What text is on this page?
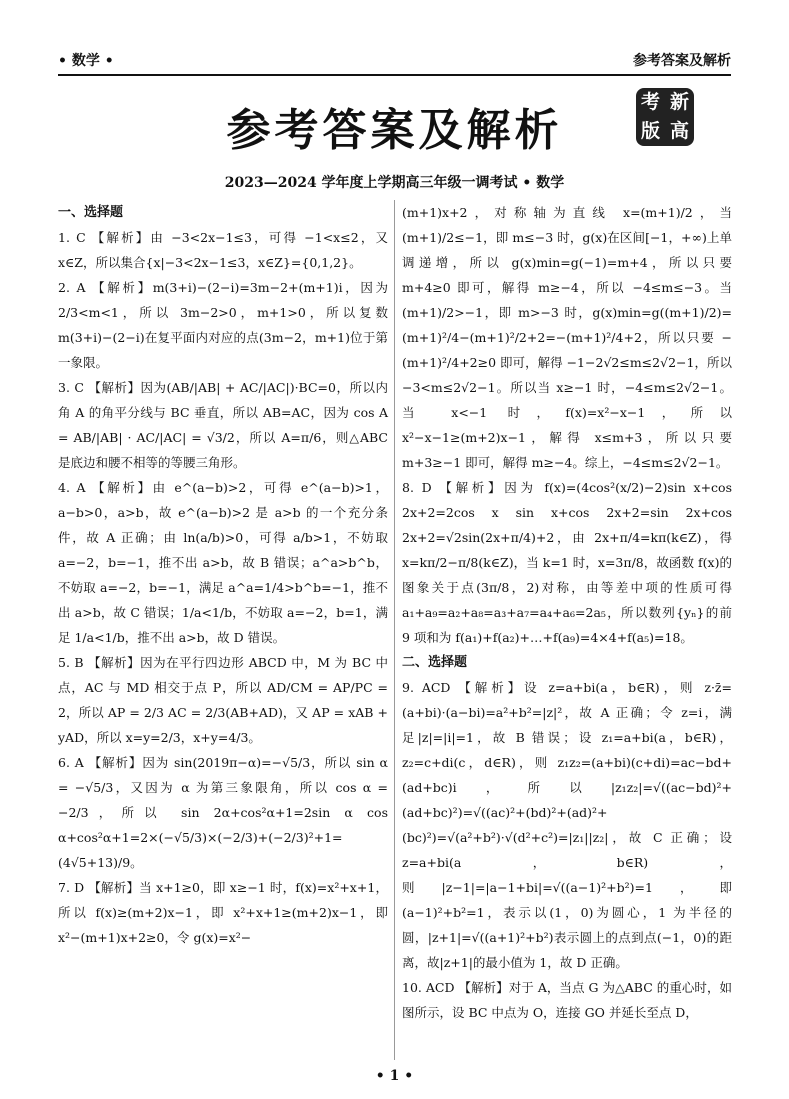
• 数学 •	参考答案及解析
参考答案及解析
考 新
版 高
2023—2024 学年度上学期高三年级一调考试 • 数学
一、选择题
1. C 【解析】由 −3<2x−1≤3，可得 −1<x≤2，又 x∈Z，所以集合{x|−3<2x−1≤3，x∈Z}={0,1,2}。
2. A 【解析】m(3+i)−(2−i)=3m−2+(m+1)i，因为 2/3<m<1，所以 3m−2>0，m+1>0，所以复数 m(3+i)−(2−i)在复平面内对应的点(3m−2，m+1)位于第一象限。
3. C 【解析】因为(AB/|AB| + AC/|AC|)·BC=0，所以内角 A 的角平分线与 BC 垂直，所以 AB=AC，因为 cos A = AB/|AB| · AC/|AC| = √3/2，所以 A=π/6，则△ABC 是底边和腰不相等的等腰三角形。
4. A 【解析】由 e^(a−b)>2，可得 e^(a−b)>1，a−b>0，a>b，故 e^(a−b)>2 是 a>b 的一个充分条件，故 A 正确；由 ln(a/b)>0，可得 a/b>1，不妨取 a=−2，b=−1，推不出 a>b，故 B 错误；a^a>b^b，不妨取 a=−2，b=−1，满足 a^a=1/4>b^b=−1，推不出 a>b，故 C 错误；1/a<1/b，不妨取 a=−2，b=1，满足 1/a<1/b，推不出 a>b，故 D 错误。
5. B 【解析】因为在平行四边形 ABCD 中，M 为 BC 中点，AC 与 MD 相交于点 P，所以 AD/CM = AP/PC = 2，所以 AP = 2/3 AC = 2/3(AB+AD)，又 AP = xAB + yAD，所以 x=y=2/3，x+y=4/3。
6. A 【解析】因为 sin(2019π−α)=−√5/3，所以 sin α = −√5/3，又因为 α 为第三象限角，所以 cos α = −2/3，所以 sin 2α+cos²α+1=2sin α cos α+cos²α+1=2×(−√5/3)×(−2/3)+(−2/3)²+1=(4√5+13)/9。
7. D 【解析】当 x+1≥0，即 x≥−1 时，f(x)=x²+x+1，所以 f(x)≥(m+2)x−1，即 x²+x+1≥(m+2)x−1，即 x²−(m+1)x+2≥0，令 g(x)=x²−
(m+1)x+2，对称轴为直线 x=(m+1)/2，当 (m+1)/2≤−1，即 m≤−3 时，g(x)在区间[−1，+∞)上单调递增，所以 g(x)min=g(−1)=m+4，所以只要 m+4≥0 即可，解得 m≥−4，所以 −4≤m≤−3。当 (m+1)/2>−1，即 m>−3 时，g(x)min=g((m+1)/2)=(m+1)²/4−(m+1)²/2+2=−(m+1)²/4+2，所以只要 −(m+1)²/4+2≥0 即可，解得 −1−2√2≤m≤2√2−1，所以 −3<m≤2√2−1。所以当 x≥−1 时，−4≤m≤2√2−1。当 x<−1 时，f(x)=x²−x−1，所以 x²−x−1≥(m+2)x−1，解得 x≤m+3，所以只要 m+3≥−1 即可，解得 m≥−4。综上，−4≤m≤2√2−1。
8. D 【解析】因为 f(x)=(4cos²(x/2)−2)sin x+cos 2x+2=2cos x sin x+cos 2x+2=sin 2x+cos 2x+2=√2sin(2x+π/4)+2，由 2x+π/4=kπ(k∈Z)，得 x=kπ/2−π/8(k∈Z)，当 k=1 时，x=3π/8，故函数 f(x)的图象关于点(3π/8，2)对称，由等差中项的性质可得 a₁+a₉=a₂+a₈=a₃+a₇=a₄+a₆=2a₅，所以数列{yₙ}的前 9 项和为 f(a₁)+f(a₂)+…+f(a₉)=4×4+f(a₅)=18。
二、选择题
9. ACD 【解析】设 z=a+bi(a，b∈R)，则 z·z̄=(a+bi)·(a−bi)=a²+b²=|z|²，故 A 正确；令 z=i，满足|z|=|i|=1，故 B 错误；设 z₁=a+bi(a，b∈R)，z₂=c+di(c，d∈R)，则 z₁z₂=(a+bi)(c+di)=ac−bd+(ad+bc)i，所以|z₁z₂|=√((ac−bd)²+(ad+bc)²)=√((ac)²+(bd)²+(ad)²+(bc)²)=√(a²+b²)·√(d²+c²)=|z₁||z₂|，故 C 正确；设 z=a+bi(a，b∈R)，则|z−1|=|a−1+bi|=√((a−1)²+b²)=1，即(a−1)²+b²=1，表示以(1，0)为圆心，1 为半径的圆，|z+1|=√((a+1)²+b²)表示圆上的点到点(−1，0)的距离，故|z+1|的最小值为 1，故 D 正确。
10. ACD 【解析】对于 A，当点 G 为△ABC 的重心时，如图所示，设 BC 中点为 O，连接 GO 并延长至点 D，
• 1 •
